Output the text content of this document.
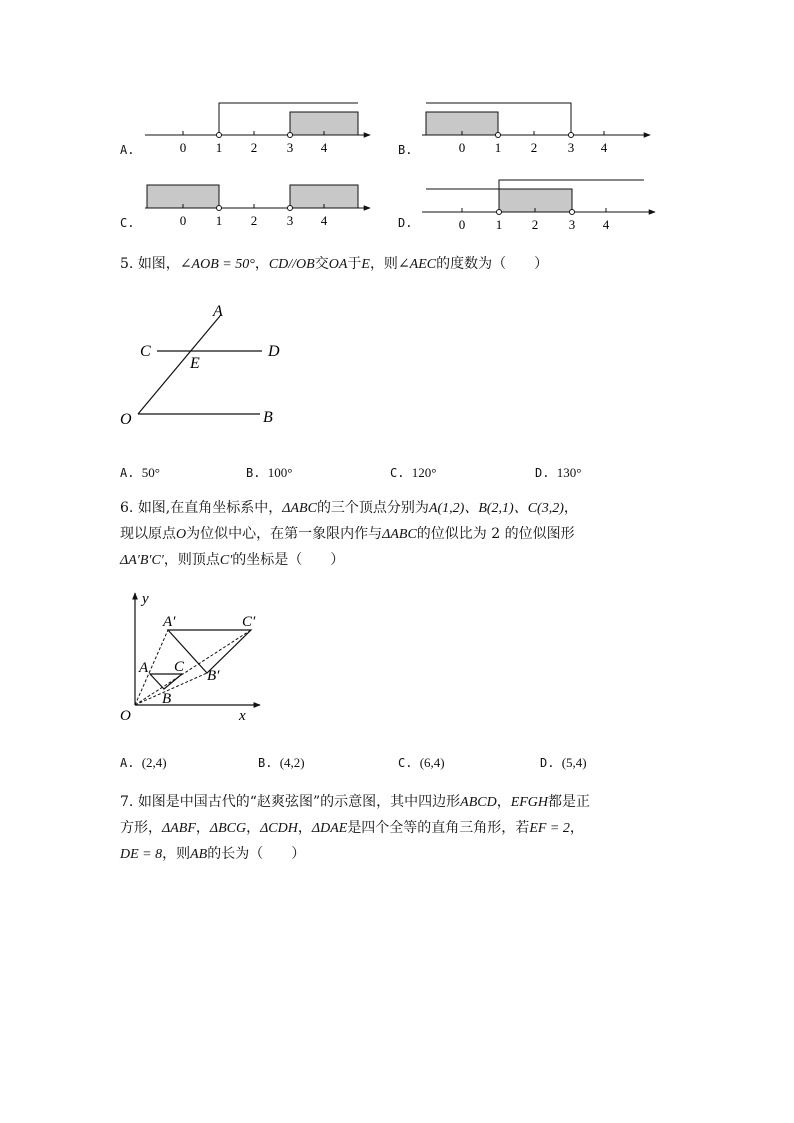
A.	B.
C.	D.
0 1 2 3 4	0 1 2 3 4
0 1 2 3 4	0 1 2 3 4
5. 如图，∠AOB = 50°，CD//OB交OA于E，则∠AEC的度数为（　　）
A
C	D
E
O	B
A. 50°	B. 100°	C. 120°	D. 130°
6. 如图,在直角坐标系中，ΔABC的三个顶点分别为A(1,2)、B(2,1)、C(3,2)，
现以原点O为位似中心，在第一象限内作与ΔABC的位似比为 2 的位似图形
ΔA′B′C′，则顶点C′的坐标是（　　）
y
x
O
A
B
C
A′
B′
C′
A. (2,4)	B. (4,2)	C. (6,4)	D. (5,4)
7. 如图是中国古代的“赵爽弦图”的示意图，其中四边形ABCD，EFGH都是正
方形，ΔABF，ΔBCG，ΔCDH，ΔDAE是四个全等的直角三角形，若EF = 2，
DE = 8，则AB的长为（　　）
